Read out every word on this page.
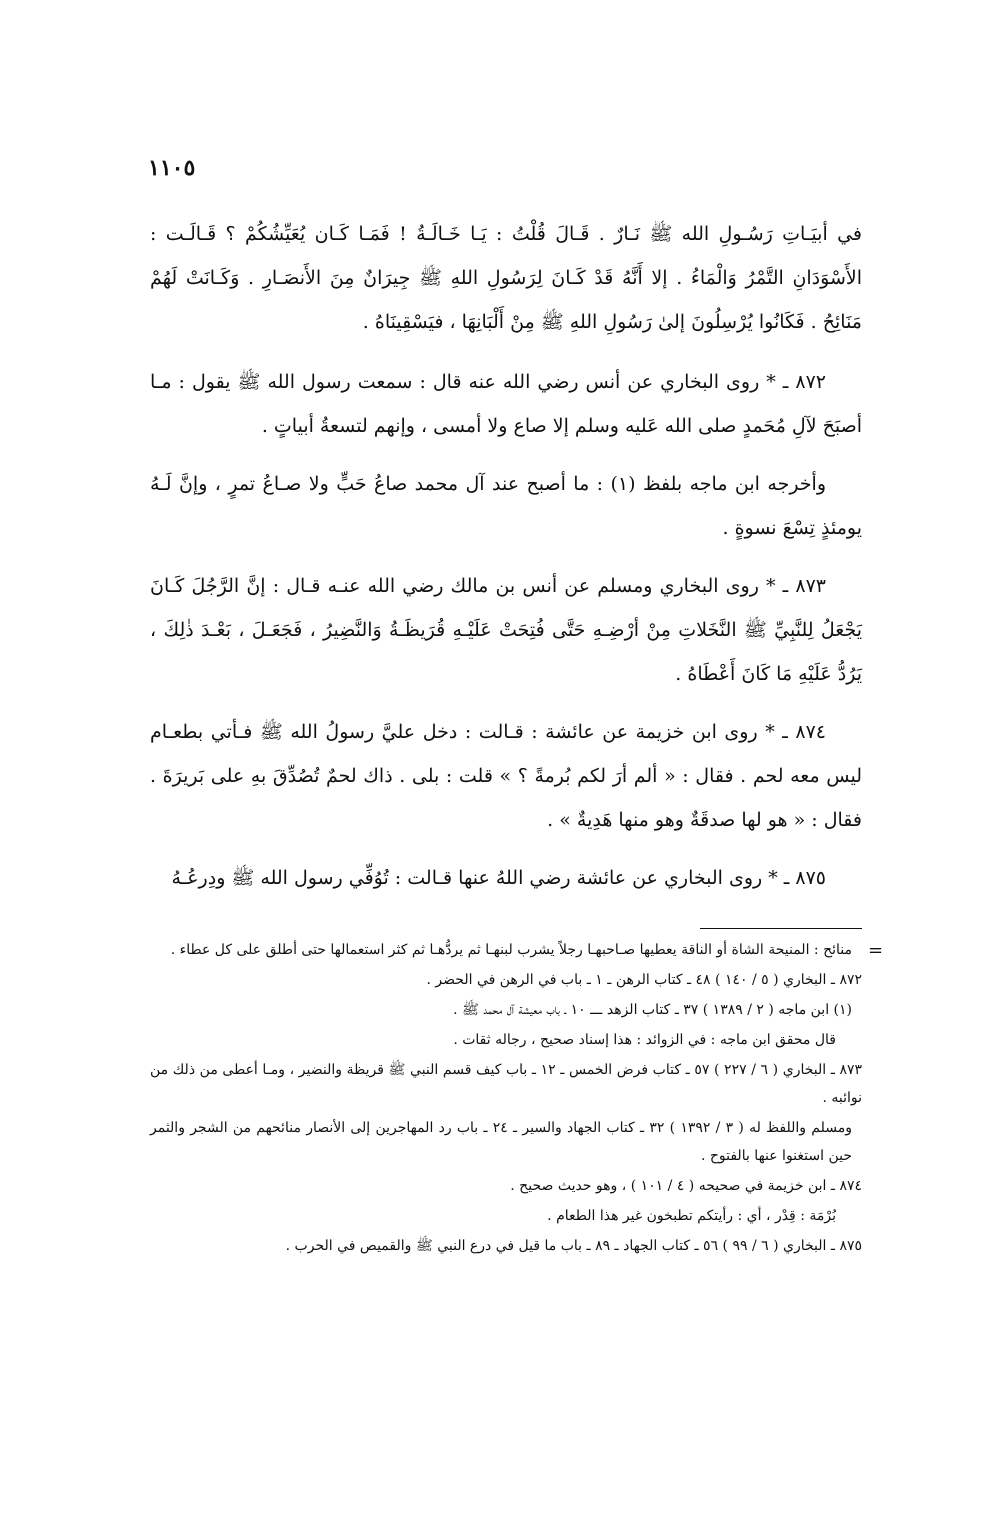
١١٠٥

في أبيَـاتِ رَسُـولِ الله ﷺ نَـارٌ . قَـالَ قُلْتُ : يَـا خَـالَـةُ ! فَمَـا كَـان يُعَيِّشُكُمْ ؟ قَـالَـت : الأَسْوَدَانِ التَّمْرُ وَالْمَاءُ . إلا أَنَّهُ قَدْ كَـانَ لِرَسُولِ اللهِ ﷺ جِيرَانٌ مِنَ الأَنصَـارِ . وَكَـانَتْ لَهُمْ مَنَائِحُ . فَكَانُوا يُرْسِلُونَ إلىٰ رَسُولِ اللهِ ﷺ مِنْ أَلْبَانِهَا ، فيَسْقِينَاهُ .

٨٧٢ ـ * روى البخاري عن أنس رضي الله عنه قال : سمعت رسول الله ﷺ يقول : مـا أصبَحَ لآلِ مُحَمدٍ صلى الله عَليه وسلم إلا صاع ولا أمسى ، وإنهم لتسعةُ أبياتٍ .

وأخرجه ابن ماجه بلفظ (١) : ما أصبح عند آل محمد صاعُ حَبٍّ ولا صـاعُ تمرٍ ، وإنَّ لَـهُ يومئذٍ تِسْعَ نسوةٍ .

٨٧٣ ـ * روى البخاري ومسلم عن أنس بن مالك رضي الله عنـه قـال : إنَّ الرَّجُلَ كَـانَ يَجْعَلُ لِلنَّبِيِّ ﷺ النَّخَلاتِ مِنْ أرْضِـهِ حَتَّى فُتِحَتْ عَلَيْـهِ قُرَيظَـةُ وَالنَّضِيرُ ، فَجَعَـلَ ، بَعْـدَ ذٰلِكَ ، يَرُدُّ عَلَيْهِ مَا كَانَ أَعْطَاهُ .

٨٧٤ ـ * روى ابن خزيمة عن عائشة : قـالت : دخل عليَّ رسولُ الله ﷺ فـأتي بطعـام ليس معه لحم . فقال : « ألم أرَ لكم بُرمةً ؟ » قلت : بلى . ذاك لحمٌ تُصُدِّقَ بهِ على بَريرَةَ . فقال : « هو لها صدقَةٌ وهو منها هَدِيةٌ » .

٨٧٥ ـ * روى البخاري عن عائشة رضي اللهُ عنها قـالت : تُوُفِّي رسول الله ﷺ ودِرعُـهُ

=

منائح : المنيحة الشاة أو الناقة يعطيها صـاحبهـا رجلاً يشرب لبنهـا ثم يردُّهـا ثم كثر استعمالها حتى أطلق على كل عطاء .

٨٧٢ ـ البخاري ( ٥ / ١٤٠ ) ٤٨ ـ كتاب الرهن ـ ١ ـ باب في الرهن في الحضر .

(١) ابن ماجه ( ٢ / ١٣٨٩ ) ٣٧ ـ كتاب الزهد ـــ ١٠ ـ باب معيشة آل محمد ﷺ .

قال محقق ابن ماجه : في الزوائد : هذا إسناد صحيح ، رجاله ثقات .

٨٧٣ ـ البخاري ( ٦ / ٢٢٧ ) ٥٧ ـ كتاب فرض الخمس ـ ١٢ ـ باب كيف قسم النبي ﷺ قريظة والنضير ، ومـا أعطى من ذلك من نوائبه .

ومسلم واللفظ له ( ٣ / ١٣٩٢ ) ٣٢ ـ كتاب الجهاد والسير ـ ٢٤ ـ باب رد المهاجرين إلى الأنصار منائحهم من الشجر والثمر حين استغنوا عنها بالفتوح .

٨٧٤ ـ ابن خزيمة في صحيحه ( ٤ / ١٠١ ) ، وهو حديث صحيح .

بُرْمَة : قِدْر ، أي : رأيتكم تطبخون غير هذا الطعام .

٨٧٥ ـ البخاري ( ٦ / ٩٩ ) ٥٦ ـ كتاب الجهاد ـ ٨٩ ـ باب ما قيل في درع النبي ﷺ والقميص في الحرب .
